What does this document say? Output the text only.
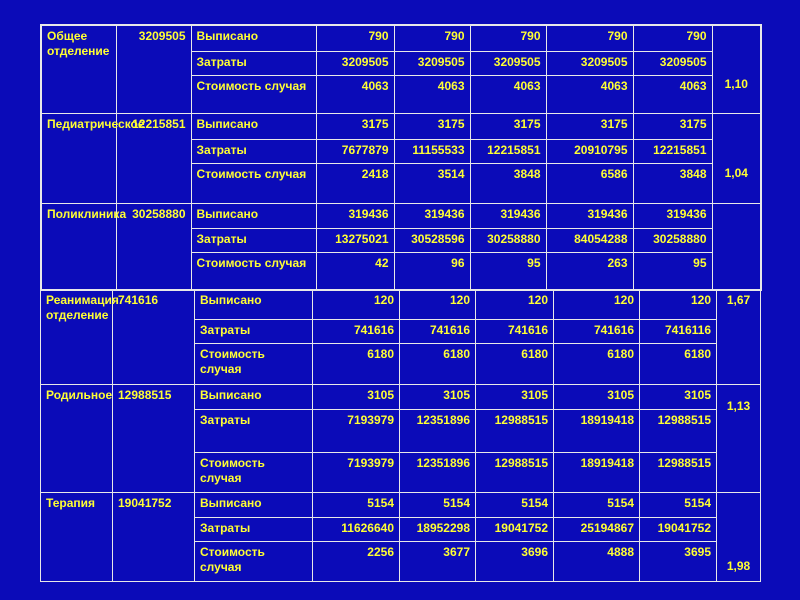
Общее отделение	3209505	Выписано	790	790	790	790	790	1,10

		Затраты	3209505	3209505	3209505	3209505	3209505	
		Стоимость случая	4063	4063	4063	4063	4063	
Педиатрическое	12215851	Выписано	3175	3175	3175	3175	3175	1,04

		Затраты	7677879	11155533	12215851	20910795	12215851	
		Стоимость случая	2418	3514	3848	6586	3848	
Поликлиника	30258880	Выписано	319436	319436	319436	319436	319436	

		Затраты	13275021	30528596	30258880	84054288	30258880	
		Стоимость случая	42	96	95	263	95	
Реанимация отделение	741616	Выписано	120	120	120	120	120	1,67

		Затраты	741616	741616	741616	741616	7416116	
		Стоимость случая	6180	6180	6180	6180	6180	
Родильное	12988515	Выписано	3105	3105	3105	3105	3105	1,13

		Затраты	7193979	12351896	12988515	18919418	12988515	
		Стоимость случая	7193979	12351896	12988515	18919418	12988515	
Терапия	19041752	Выписано	5154	5154	5154	5154	5154	1,98

		Затраты	11626640	18952298	19041752	25194867	19041752	
		Стоимость случая	2256	3677	3696	4888	3695	
